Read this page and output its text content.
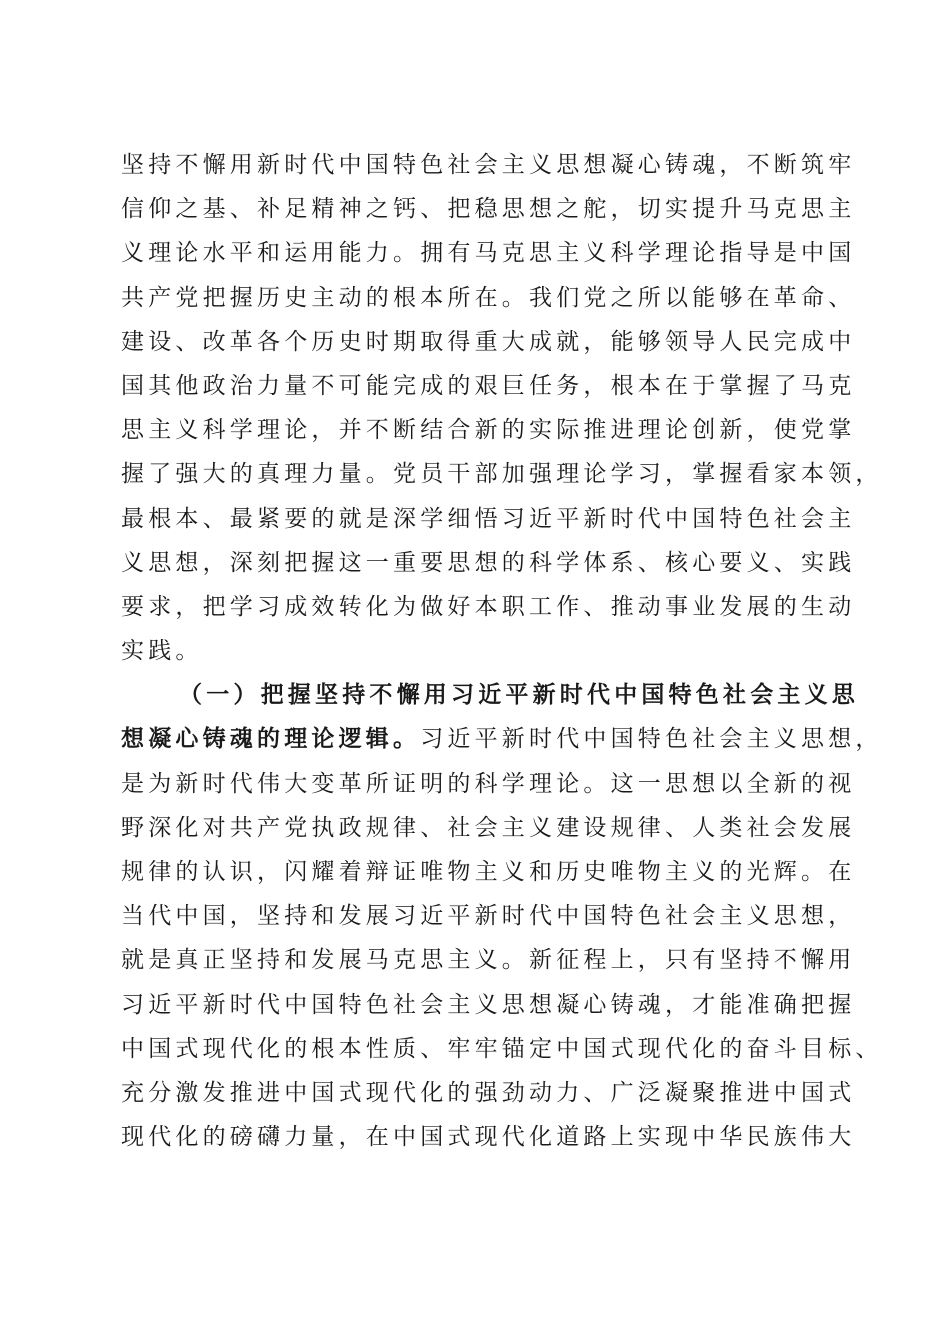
坚持不懈用新时代中国特色社会主义思想凝心铸魂，不断筑牢
信仰之基、补足精神之钙、把稳思想之舵，切实提升马克思主
义理论水平和运用能力。拥有马克思主义科学理论指导是中国
共产党把握历史主动的根本所在。我们党之所以能够在革命、
建设、改革各个历史时期取得重大成就，能够领导人民完成中
国其他政治力量不可能完成的艰巨任务，根本在于掌握了马克
思主义科学理论，并不断结合新的实际推进理论创新，使党掌
握了强大的真理力量。党员干部加强理论学习，掌握看家本领，
最根本、最紧要的就是深学细悟习近平新时代中国特色社会主
义思想，深刻把握这一重要思想的科学体系、核心要义、实践
要求，把学习成效转化为做好本职工作、推动事业发展的生动
实践。
（一）把握坚持不懈用习近平新时代中国特色社会主义思
想凝心铸魂的理论逻辑。习近平新时代中国特色社会主义思想，
是为新时代伟大变革所证明的科学理论。这一思想以全新的视
野深化对共产党执政规律、社会主义建设规律、人类社会发展
规律的认识，闪耀着辩证唯物主义和历史唯物主义的光辉。在
当代中国，坚持和发展习近平新时代中国特色社会主义思想，
就是真正坚持和发展马克思主义。新征程上，只有坚持不懈用
习近平新时代中国特色社会主义思想凝心铸魂，才能准确把握
中国式现代化的根本性质、牢牢锚定中国式现代化的奋斗目标、
充分激发推进中国式现代化的强劲动力、广泛凝聚推进中国式
现代化的磅礴力量，在中国式现代化道路上实现中华民族伟大
